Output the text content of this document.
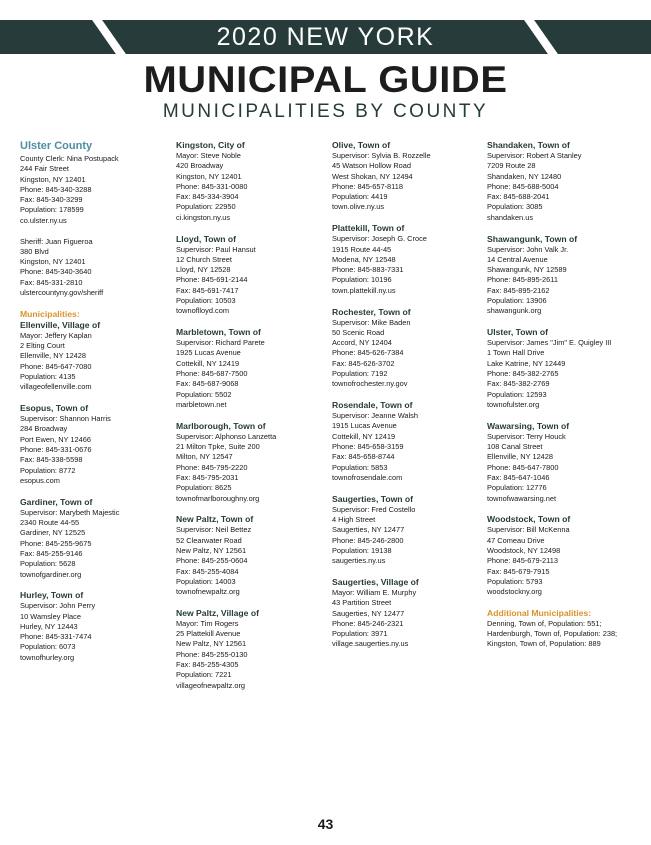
2020 NEW YORK
MUNICIPAL GUIDE
MUNICIPALITIES BY COUNTY
Ulster County
County Clerk: Nina Postupack
244 Fair Street
Kingston, NY 12401
Phone: 845-340-3288
Fax: 845-340-3299
Population: 178599
co.ulster.ny.us
Sheriff: Juan Figueroa
380 Blvd
Kingston, NY 12401
Phone: 845-340-3640
Fax: 845-331-2810
ulstercountyny.gov/sheriff
Municipalities:
Ellenville, Village of
Mayor: Jeffery Kaplan
2 Elting Court
Ellenville, NY 12428
Phone: 845-647-7080
Population: 4135
villageofellenville.com
Esopus, Town of
Supervisor: Shannon Harris
284 Broadway
Port Ewen, NY 12466
Phone: 845-331-0676
Fax: 845-338-5598
Population: 8772
esopus.com
Gardiner, Town of
Supervisor: Marybeth Majestic
2340 Route 44-55
Gardiner, NY 12525
Phone: 845-255-9675
Fax: 845-255-9146
Population: 5628
townofgardiner.org
Hurley, Town of
Supervisor: John Perry
10 Wamsley Place
Hurley, NY 12443
Phone: 845-331-7474
Population: 6073
townofhurley.org
Kingston, City of
Mayor: Steve Noble
420 Broadway
Kingston, NY 12401
Phone: 845-331-0080
Fax: 845-334-3904
Population: 22950
ci.kingston.ny.us
Lloyd, Town of
Supervisor: Paul Hansut
12 Church Street
Lloyd, NY 12528
Phone: 845-691-2144
Fax: 845-691-7417
Population: 10503
townoflloyd.com
Marbletown, Town of
Supervisor: Richard Parete
1925 Lucas Avenue
Cottekill, NY 12419
Phone: 845-687-7500
Fax: 845-687-9068
Population: 5502
marbletown.net
Marlborough, Town of
Supervisor: Alphonso Lanzetta
21 Milton Tpke, Suite 200
Milton, NY 12547
Phone: 845-795-2220
Fax: 845-795-2031
Population: 8625
townofmarlboroughny.org
New Paltz, Town of
Supervisor: Neil Bettez
52 Clearwater Road
New Paltz, NY 12561
Phone: 845-255-0604
Fax: 845-255-4084
Population: 14003
townofnewpaltz.org
New Paltz, Village of
Mayor: Tim Rogers
25 Plattekill Avenue
New Paltz, NY 12561
Phone: 845-255-0130
Fax: 845-255-4305
Population: 7221
villageofnewpaltz.org
Olive, Town of
Supervisor: Sylvia B. Rozzelle
45 Watson Hollow Road
West Shokan, NY 12494
Phone: 845-657-8118
Population: 4419
town.olive.ny.us
Plattekill, Town of
Supervisor: Joseph G. Croce
1915 Route 44-45
Modena, NY 12548
Phone: 845-883-7331
Population: 10196
town.plattekill.ny.us
Rochester, Town of
Supervisor: Mike Baden
50 Scenic Road
Accord, NY 12404
Phone: 845-626-7384
Fax: 845-626-3702
Population: 7192
townofrochester.ny.gov
Rosendale, Town of
Supervisor: Jeanne Walsh
1915 Lucas Avenue
Cottekill, NY 12419
Phone: 845-658-3159
Fax: 845-658-8744
Population: 5853
townofrosendale.com
Saugerties, Town of
Supervisor: Fred Costello
4 High Street
Saugerties, NY 12477
Phone: 845-246-2800
Population: 19138
saugerties.ny.us
Saugerties, Village of
Mayor: William E. Murphy
43 Partition Street
Saugerties, NY 12477
Phone: 845-246-2321
Population: 3971
village.saugerties.ny.us
Shandaken, Town of
Supervisor: Robert A Stanley
7209 Route 28
Shandaken, NY 12480
Phone: 845-688-5004
Fax: 845-688-2041
Population: 3085
shandaken.us
Shawangunk, Town of
Supervisor: John Valk Jr.
14 Central Avenue
Shawangunk, NY 12589
Phone: 845-895-2611
Fax: 845-895-2162
Population: 13906
shawangunk.org
Ulster, Town of
Supervisor: James "Jim" E. Quigley III
1 Town Hall Drive
Lake Katrine, NY 12449
Phone: 845-382-2765
Fax: 845-382-2769
Population: 12593
townofulster.org
Wawarsing, Town of
Supervisor: Terry Houck
108 Canal Street
Ellenville, NY 12428
Phone: 845-647-7800
Fax: 845-647-1046
Population: 12776
townofwawarsing.net
Woodstock, Town of
Supervisor: Bill McKenna
47 Comeau Drive
Woodstock, NY 12498
Phone: 845-679-2113
Fax: 845-679-7915
Population: 5793
woodstockny.org
Additional Municipalities:
Denning, Town of, Population: 551; Hardenburgh, Town of, Population: 238; Kingston, Town of, Population: 889
43
